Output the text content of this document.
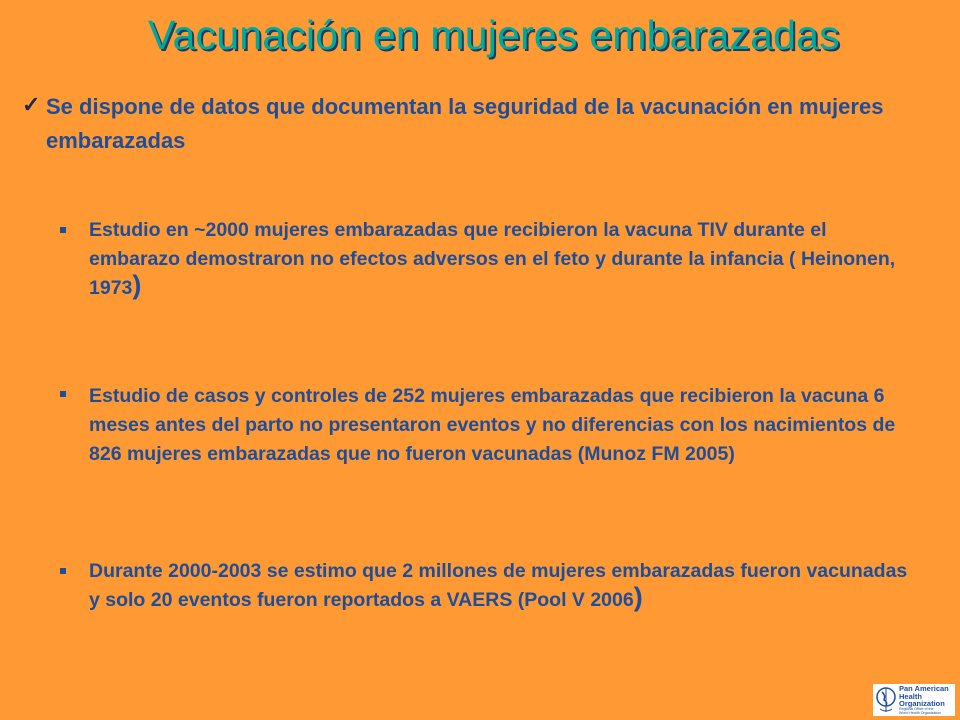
Vacunación en mujeres embarazadas
✓ Se dispone de datos que documentan la seguridad de la vacunación en mujeres embarazadas
Estudio en ~2000 mujeres embarazadas que recibieron la vacuna TIV durante el embarazo demostraron no efectos adversos en el feto y durante la infancia ( Heinonen, 1973)
Estudio de casos y controles de 252 mujeres embarazadas que recibieron la vacuna 6 meses antes del parto no presentaron eventos y no diferencias con los nacimientos de 826 mujeres embarazadas que no fueron vacunadas (Munoz FM 2005)
Durante 2000-2003 se estimo que 2 millones de mujeres embarazadas fueron vacunadas y solo 20 eventos fueron reportados a VAERS (Pool V 2006)
Pan American
Health
Organization
Regional Office of the
World Health Organization
